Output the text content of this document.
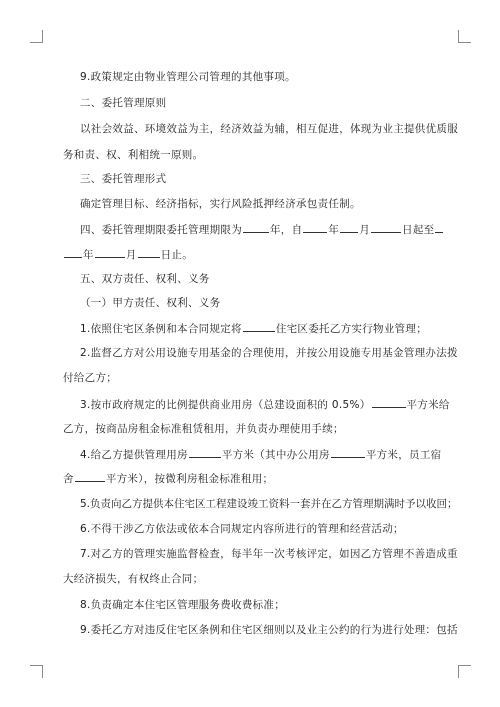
9.政策规定由物业管理公司管理的其他事项。
二、委托管理原则
以社会效益、环境效益为主，经济效益为辅，相互促进，体现为业主提供优质服
务和责、权、利相统一原则。
三、委托管理形式
确定管理目标、经济指标，实行风险抵押经济承包责任制。
四、委托管理期限委托管理期限为	年，自 年 月	日起至
年	月 日止。
五、双方责任、权利、义务
（一）甲方责任、权利、义务
1.依照住宅区条例和本合同规定将	住宅区委托乙方实行物业管理；
2.监督乙方对公用设施专用基金的合理使用，并按公用设施专用基金管理办法拨
付给乙方；
3.按市政府规定的比例提供商业用房（总建设面积的 0.5%）	平方米给
乙方，按商品房租金标准租赁租用，并负责办理使用手续；
4.给乙方提供管理用房	平方米（其中办公用房	平方米，员工宿
舍	平方米），按微利房租金标准租用；
5.负责向乙方提供本住宅区工程建设竣工资料一套并在乙方管理期满时予以收回；
6.不得干涉乙方依法或依本合同规定内容所进行的管理和经营活动；
7.对乙方的管理实施监督检查，每半年一次考核评定，如因乙方管理不善造成重
大经济损失，有权终止合同；
8.负责确定本住宅区管理服务费收费标准；
9.委托乙方对违反住宅区条例和住宅区细则以及业主公约的行为进行处理：包括
